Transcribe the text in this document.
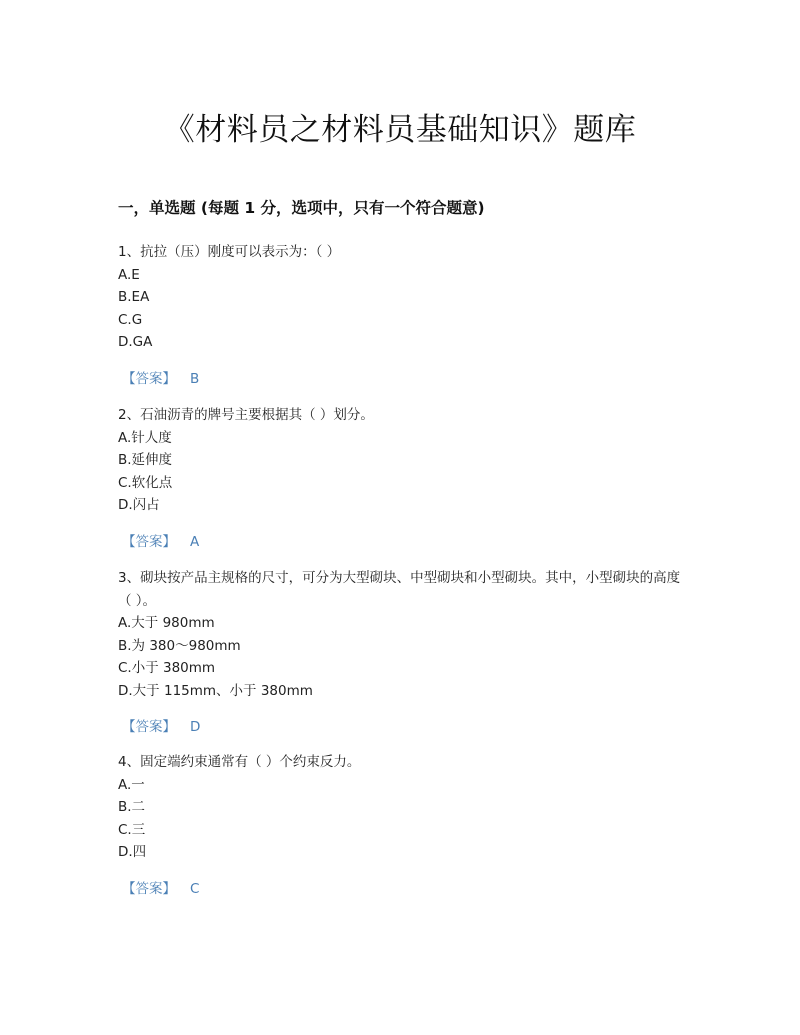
《材料员之材料员基础知识》题库
一，单选题 (每题 1 分，选项中，只有一个符合题意)
1、抗拉（压）刚度可以表示为：（ ）
A.E
B.EA
C.G
D.GA
【答案】 B
2、石油沥青的牌号主要根据其（ ）划分。
A.针人度
B.延伸度
C.软化点
D.闪占
【答案】 A
3、砌块按产品主规格的尺寸，可分为大型砌块、中型砌块和小型砌块。其中，小型砌块的高度（ ）。
A.大于 980mm
B.为 380～980mm
C.小于 380mm
D.大于 115mm、小于 380mm
【答案】 D
4、固定端约束通常有（ ）个约束反力。
A.一
B.二
C.三
D.四
【答案】 C
